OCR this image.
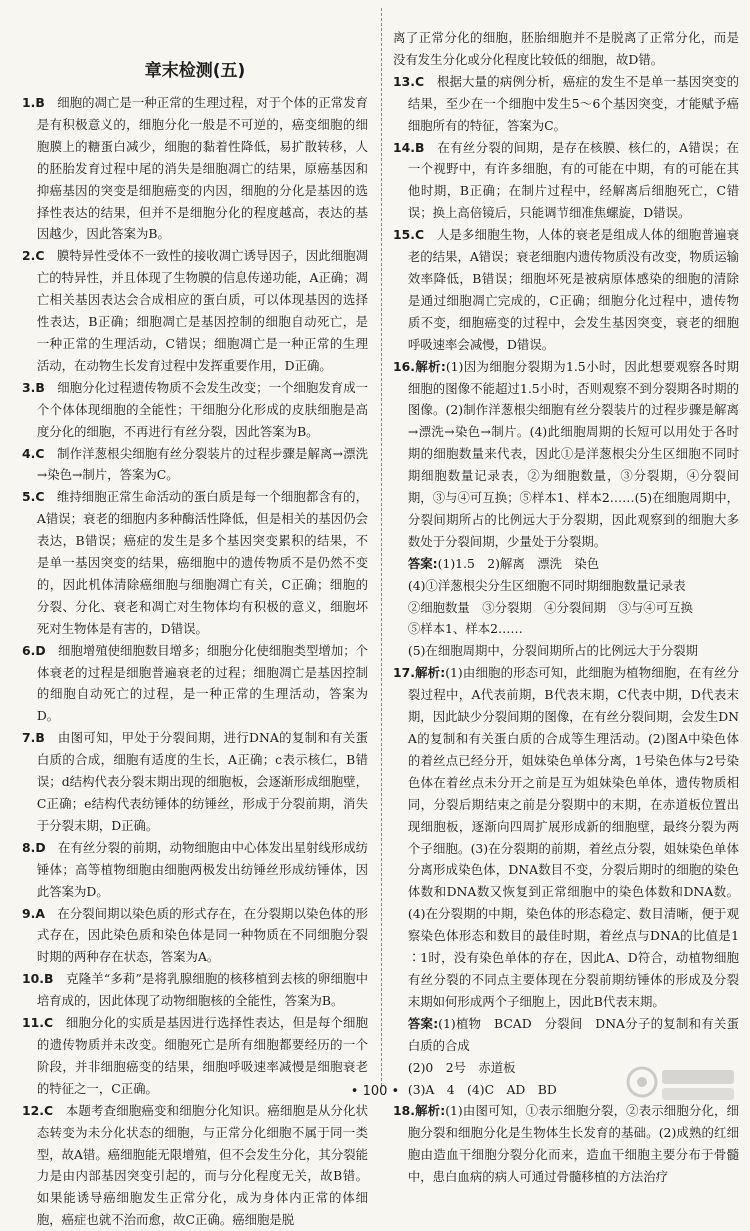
章末检测(五)

1.B　 细胞的凋亡是一种正常的生理过程，对于个体的正常发育是有积极意义的，细胞分化一般是不可逆的，癌变细胞的细胞膜上的糖蛋白减少，细胞的黏着性降低，易扩散转移，人的胚胎发育过程中尾的消失是细胞凋亡的结果，原癌基因和抑癌基因的突变是细胞癌变的内因，细胞的分化是基因的选择性表达的结果，但并不是细胞分化的程度越高，表达的基因越少，因此答案为B。

2.C　 膜特异性受体不一致性的接收凋亡诱导因子，因此细胞凋亡的特异性，并且体现了生物膜的信息传递功能，A正确；凋亡相关基因表达会合成相应的蛋白质，可以体现基因的选择性表达，B正确；细胞凋亡是基因控制的细胞自动死亡，是一种正常的生理活动，C错误；细胞凋亡是一种正常的生理活动，在动物生长发育过程中发挥重要作用，D正确。

3.B　 细胞分化过程遗传物质不会发生改变；一个细胞发育成一个个体体现细胞的全能性；干细胞分化形成的皮肤细胞是高度分化的细胞，不再进行有丝分裂，因此答案为B。

4.C　 制作洋葱根尖细胞有丝分裂装片的过程步骤是解离→漂洗→染色→制片，答案为C。

5.C　 维持细胞正常生命活动的蛋白质是每一个细胞都含有的，A错误；衰老的细胞内多种酶活性降低，但是相关的基因仍会表达，B错误；癌症的发生是多个基因突变累积的结果，不是单一基因突变的结果，癌细胞中的遗传物质不是仍然不变的，因此机体清除癌细胞与细胞凋亡有关，C正确；细胞的分裂、分化、衰老和凋亡对生物体均有积极的意义，细胞坏死对生物体是有害的，D错误。

6.D　 细胞增殖使细胞数目增多；细胞分化使细胞类型增加；个体衰老的过程是细胞普遍衰老的过程；细胞凋亡是基因控制的细胞自动死亡的过程，是一种正常的生理活动，答案为D。

7.B　 由图可知，甲处于分裂间期，进行DNA的复制和有关蛋白质的合成，细胞有适度的生长，A正确；c表示核仁，B错误；d结构代表分裂末期出现的细胞板，会逐渐形成细胞壁，C正确；e结构代表纺锤体的纺锤丝，形成于分裂前期，消失于分裂末期，D正确。

8.D　 在有丝分裂的前期，动物细胞由中心体发出星射线形成纺锤体；高等植物细胞由细胞两极发出纺锤丝形成纺锤体，因此答案为D。

9.A　 在分裂间期以染色质的形式存在，在分裂期以染色体的形式存在，因此染色质和染色体是同一种物质在不同细胞分裂时期的两种存在状态，答案为A。

10.B　 克隆羊“多莉”是将乳腺细胞的核移植到去核的卵细胞中培育成的，因此体现了动物细胞核的全能性，答案为B。

11.C　 细胞分化的实质是基因进行选择性表达，但是每个细胞的遗传物质并未改变。细胞死亡是所有细胞都要经历的一个阶段，并非细胞癌变的结果，细胞呼吸速率减慢是细胞衰老的特征之一，C正确。

12.C　 本题考查细胞癌变和细胞分化知识。癌细胞是从分化状态转变为未分化状态的细胞，与正常分化细胞不属于同一类型，故A错。癌细胞能无限增殖，但不会发生分化，其分裂能力是由内部基因突变引起的，而与分化程度无关，故B错。如果能诱导癌细胞发生正常分化，成为身体内正常的体细胞，癌症也就不治而愈，故C正确。癌细胞是脱

离了正常分化的细胞，胚胎细胞并不是脱离了正常分化，而是没有发生分化或分化程度比较低的细胞，故D错。

13.C　 根据大量的病例分析，癌症的发生不是单一基因突变的结果，至少在一个细胞中发生5～6个基因突变，才能赋予癌细胞所有的特征，答案为C。

14.B　 在有丝分裂的间期，是存在核膜、核仁的，A错误；在一个视野中，有许多细胞，有的可能在中期，有的可能在其他时期，B正确；在制片过程中，经解离后细胞死亡，C错误；换上高倍镜后，只能调节细准焦螺旋，D错误。

15.C　 人是多细胞生物，人体的衰老是组成人体的细胞普遍衰老的结果，A错误；衰老细胞内遗传物质没有改变，物质运输效率降低，B错误；细胞坏死是被病原体感染的细胞的清除是通过细胞凋亡完成的，C正确；细胞分化过程中，遗传物质不变，细胞癌变的过程中，会发生基因突变，衰老的细胞呼吸速率会减慢，D错误。

16.解析:(1)因为细胞分裂期为1.5小时，因此想要观察各时期细胞的图像不能超过1.5小时，否则观察不到分裂期各时期的图像。(2)制作洋葱根尖细胞有丝分裂装片的过程步骤是解离→漂洗→染色→制片。(4)此细胞周期的长短可以用处于各时期的细胞数量来代表，因此①是洋葱根尖分生区细胞不同时期细胞数量记录表，②为细胞数量，③分裂期，④分裂间期，③与④可互换；⑤样本1、样本2……(5)在细胞周期中，分裂间期所占的比例远大于分裂期，因此观察到的细胞大多数处于分裂间期，少量处于分裂期。

答案:(1)1.5　2)解离　漂洗　染色
(4)①洋葱根尖分生区细胞不同时期细胞数量记录表
②细胞数量　③分裂期　④分裂间期　③与④可互换
⑤样本1、样本2……
(5)在细胞周期中，分裂间期所占的比例远大于分裂期

17.解析:(1)由细胞的形态可知，此细胞为植物细胞，在有丝分裂过程中，A代表前期，B代表末期，C代表中期，D代表末期，因此缺少分裂间期的图像，在有丝分裂间期，会发生DNA的复制和有关蛋白质的合成等生理活动。(2)图A中染色体的着丝点已经分开，姐妹染色单体分离，1号染色体与2号染色体在着丝点未分开之前是互为姐妹染色单体，遗传物质相同，分裂后期结束之前是分裂期中的末期，在赤道板位置出现细胞板，逐渐向四周扩展形成新的细胞壁，最终分裂为两个子细胞。(3)在分裂期的前期，着丝点分裂，姐妹染色单体分离形成染色体，DNA数目不变，分裂后期时的细胞的染色体数和DNA数又恢复到正常细胞中的染色体数和DNA数。(4)在分裂期的中期，染色体的形态稳定、数目清晰，便于观察染色体形态和数目的最佳时期，着丝点与DNA的比值是1∶1时，没有染色单体的存在，因此A、D符合，动植物细胞有丝分裂的不同点主要体现在分裂前期纺锤体的形成及分裂末期如何形成两个子细胞上，因此B代表末期。

答案:(1)植物　BCAD　分裂间　DNA分子的复制和有关蛋白质的合成
(2)0　2号　赤道板
(3)A　4　(4)C　AD　BD

18.解析:(1)由图可知，①表示细胞分裂，②表示细胞分化，细胞分裂和细胞分化是生物体生长发育的基础。(2)成熟的红细胞由造血干细胞分裂分化而来，造血干细胞主要分布于骨髓中，患白血病的病人可通过骨髓移植的方法治疗

• 100 •
